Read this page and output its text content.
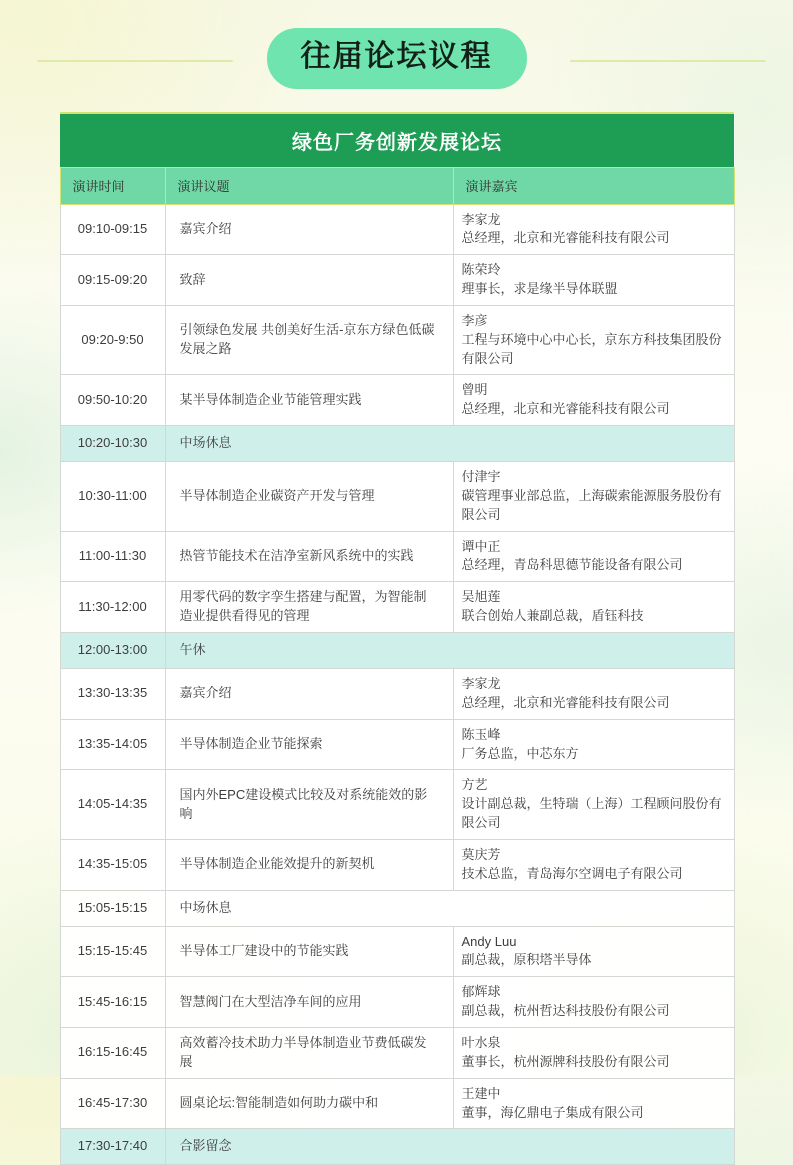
往届论坛议程
绿色厂务创新发展论坛		
演讲时间	演讲议题	演讲嘉宾
09:10-09:15	嘉宾介绍	李家龙
总经理，北京和光睿能科技有限公司

09:15-09:20	致辞	陈荣玲
理事长，求是缘半导体联盟

09:20-9:50	引领绿色发展 共创美好生活-京东方绿色低碳发展之路	李彦
工程与环境中心中心长，京东方科技集团股份有限公司

09:50-10:20	某半导体制造企业节能管理实践	曾明
总经理，北京和光睿能科技有限公司

10:20-10:30	中场休息	
10:30-11:00	半导体制造企业碳资产开发与管理	付津宇
碳管理事业部总监，上海碳索能源服务股份有限公司

11:00-11:30	热管节能技术在洁净室新风系统中的实践	谭中正
总经理，青岛科思德节能设备有限公司

11:30-12:00	用零代码的数字孪生搭建与配置，为智能制造业提供看得见的管理	吴旭莲
联合创始人兼副总裁，盾钰科技

12:00-13:00	午休	
13:30-13:35	嘉宾介绍	李家龙
总经理，北京和光睿能科技有限公司

13:35-14:05	半导体制造企业节能探索	陈玉峰
厂务总监，中芯东方

14:05-14:35	国内外EPC建设模式比较及对系统能效的影响	方艺
设计副总裁，生特瑞（上海）工程顾问股份有限公司

14:35-15:05	半导体制造企业能效提升的新契机	莫庆芳
技术总监，青岛海尔空调电子有限公司

15:05-15:15	中场休息	
15:15-15:45	半导体工厂建设中的节能实践	Andy Luu
副总裁，原积塔半导体

15:45-16:15	智慧阀门在大型洁净车间的应用	郁辉球
副总裁，杭州哲达科技股份有限公司

16:15-16:45	高效蓄冷技术助力半导体制造业节费低碳发展	叶水泉
董事长，杭州源牌科技股份有限公司

16:45-17:30	圆桌论坛:智能制造如何助力碳中和	王建中
董事，海亿鼎电子集成有限公司

17:30-17:40	合影留念	
